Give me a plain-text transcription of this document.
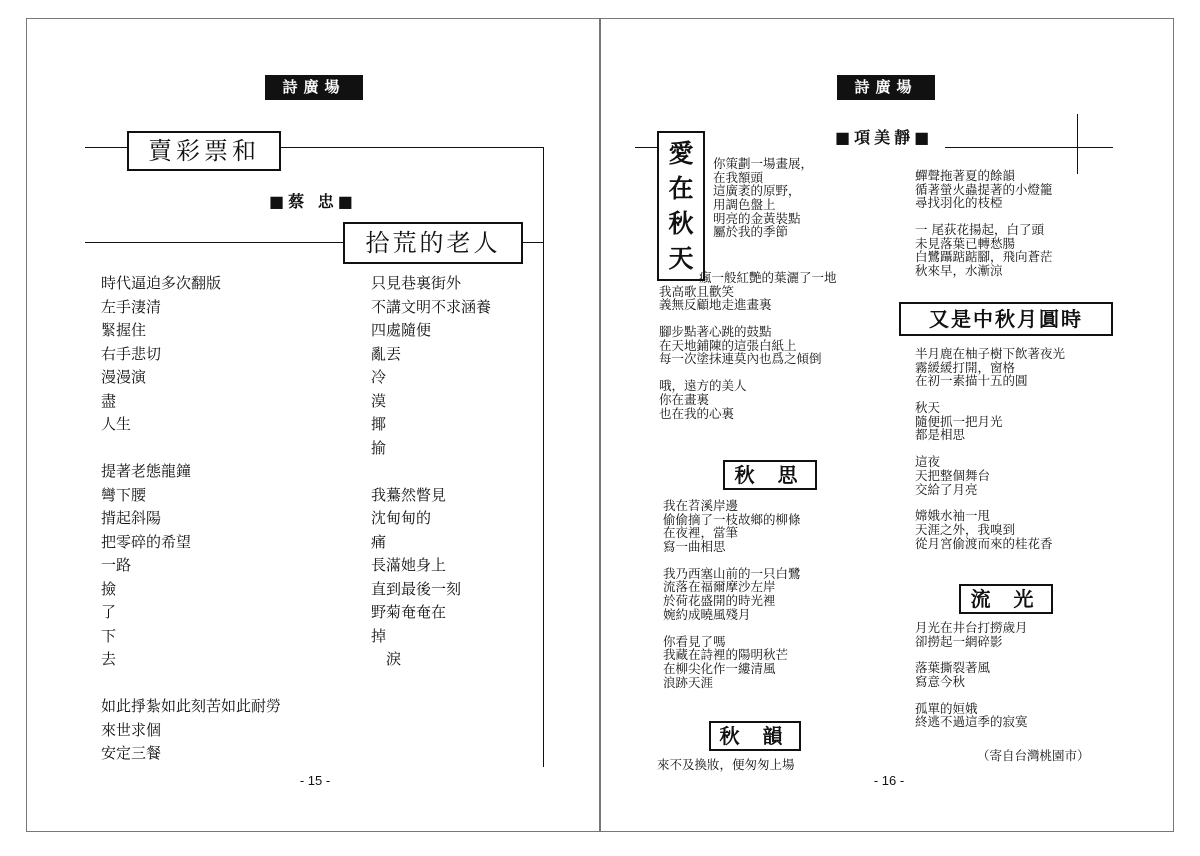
詩廣場
賣彩票和
■蔡 忠■
拾荒的老人
時代逼迫多次翻版
左手淒清
緊握住
右手悲切
漫漫演
盡
人生
提著老態龍鐘
彎下腰
揹起斜陽
把零碎的希望
一路
撿
了
下
去
如此掙紮如此刻苦如此耐勞
來世求個
安定三餐
只見巷裏街外
不講文明不求涵養
四處隨便
亂丟
冷
漠
揶
揄
我驀然瞥見
沈甸甸的
痛
長滿她身上
直到最後一刻
野菊奄奄在
掉
　淚
- 15 -
詩廣場
■項美靜■
愛
在
秋
天
你策劃一場畫展，
在我額頭
這廣袤的原野，
用調色盤上
明亮的金黃裝點
屬於我的季節
瘋一般紅艷的葉灑了一地
我高歌且歡笑
義無反顧地走進畫裏
腳步點著心跳的鼓點
在天地鋪陳的這張白紙上
每一次塗抹連莫內也爲之傾倒
哦，遠方的美人
你在畫裏
也在我的心裏
秋 思
我在苕溪岸邊
偷偷摘了一枝故鄉的柳條
在夜裡，當筆
寫一曲相思
我乃西塞山前的一只白鷺
流落在福爾摩沙左岸
於荷花盛開的時光裡
婉約成曉風殘月
你看見了嗎
我藏在詩裡的陽明秋芒
在柳尖化作一縷清風
浪跡天涯
秋 韻
來不及換妝，便匆匆上場
蟬聲拖著夏的餘韻
循著螢火蟲提著的小燈籠
尋找羽化的枝椏
一 尾荻花揚起，白了頭
未見落葉已轉愁腸
白鷺躡踮踮腳，飛向蒼茫
秋來早，水漸涼
又是中秋月圓時
半月鹿在柚子樹下飲著夜光
霧緩緩打開，窗格
在初一素描十五的圓
秋天
隨便抓一把月光
都是相思
這夜
天把整個舞台
交給了月亮
嫦娥水袖一甩
天涯之外，我嗅到
從月宮偷渡而來的桂花香
流 光
月光在井台打撈歲月
卻撈起一網碎影
落葉撕裂著風
寫意今秋
孤單的姮娥
終逃不過這季的寂寞
（寄自台灣桃園市）
- 16 -
